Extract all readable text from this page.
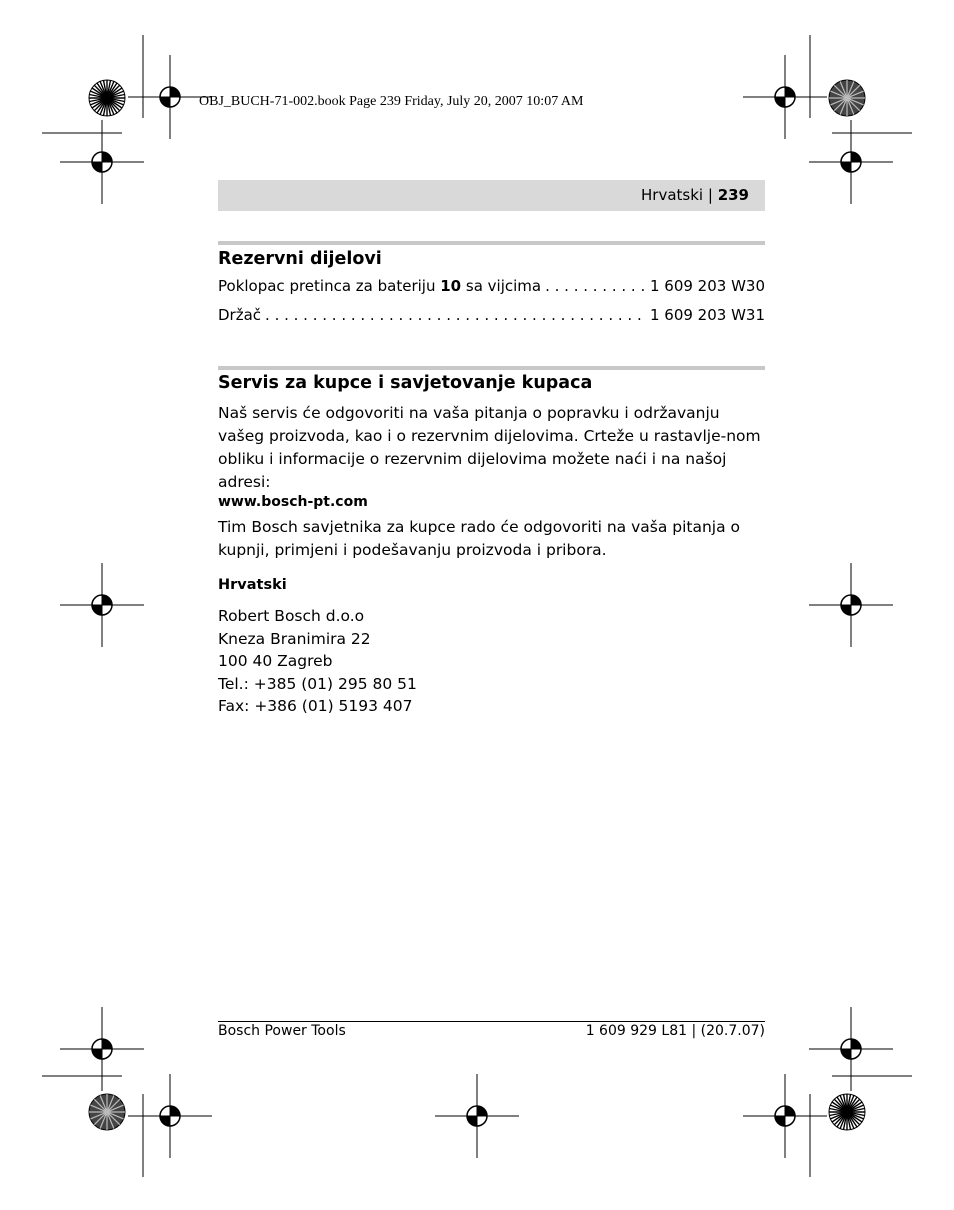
OBJ_BUCH-71-002.book Page 239 Friday, July 20, 2007 10:07 AM
Hrvatski | 239
Rezervni dijelovi
Poklopac pretinca za bateriju 10 sa vijcima . . .	1 609 203 W30
Držač . . .	1 609 203 W31
Servis za kupce i savjetovanje kupaca
Naš servis će odgovoriti na vaša pitanja o popravku i održavanju vašeg proizvoda, kao i o rezervnim dijelovima. Crteže u rastavlje-nom obliku i informacije o rezervnim dijelovima možete naći i na našoj adresi:
www.bosch-pt.com
Tim Bosch savjetnika za kupce rado će odgovoriti na vaša pitanja o kupnji, primjeni i podešavanju proizvoda i pribora.
Hrvatski
Robert Bosch d.o.o
Kneza Branimira 22
100 40 Zagreb
Tel.: +385 (01) 295 80 51
Fax: +386 (01) 5193 407
Bosch Power Tools	1 609 929 L81 | (20.7.07)
